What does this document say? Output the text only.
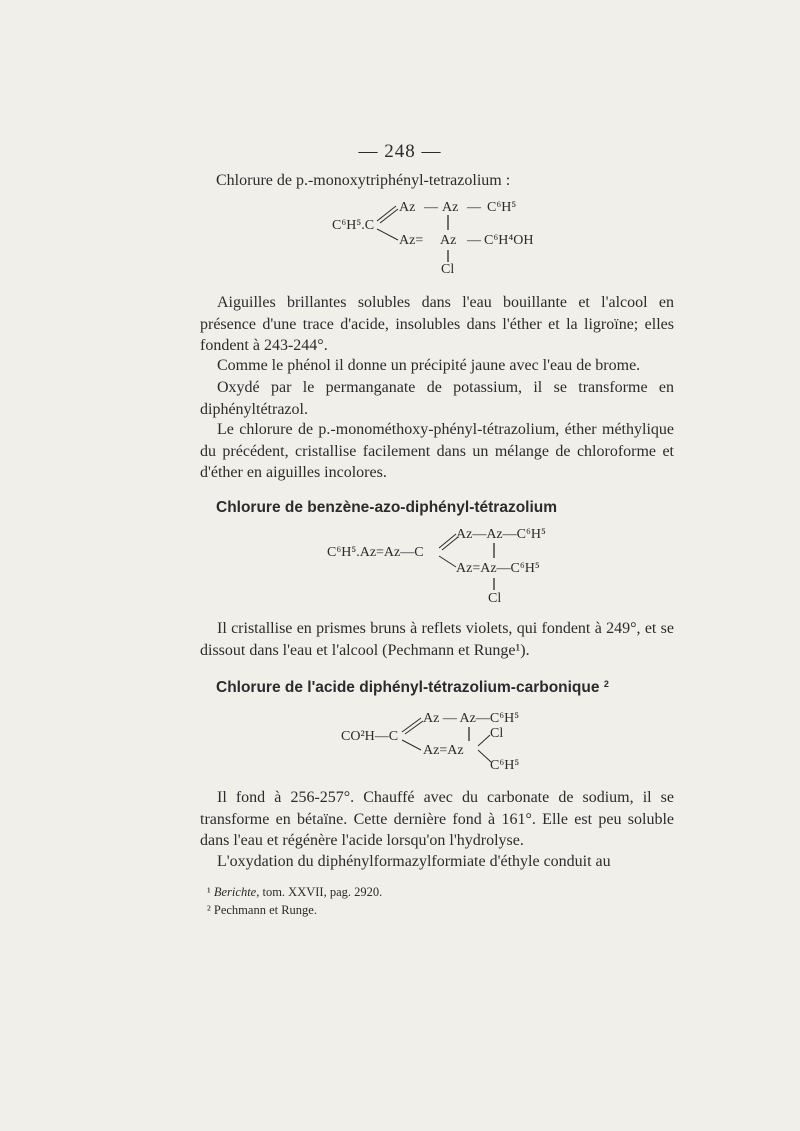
— 248 —
Chlorure de p.-monoxytriphényl-tetrazolium :
C⁶H⁵.C
Az — Az — C⁶H⁵
Az= Az — C⁶H⁴OH
Cl
Aiguilles brillantes solubles dans l'eau bouillante et l'alcool en présence d'une trace d'acide, insolubles dans l'éther et la ligroïne; elles fondent à 243-244°.
Comme le phénol il donne un précipité jaune avec l'eau de brome.
Oxydé par le permanganate de potassium, il se transforme en diphényltétrazol.
Le chlorure de p.-monométhoxy-phényl-tétrazolium, éther méthylique du précédent, cristallise facilement dans un mélange de chloroforme et d'éther en aiguilles incolores.
Chlorure de benzène-azo-diphényl-tétrazolium
C⁶H⁵.Az=Az—C
Az—Az—C⁶H⁵
Az=Az—C⁶H⁵
Cl
Il cristallise en prismes bruns à reflets violets, qui fondent à 249°, et se dissout dans l'eau et l'alcool (Pechmann et Runge¹).
Chlorure de l'acide diphényl-tétrazolium-carbonique $^2$
CO²H—C
Az — Az—C⁶H⁵
Cl
Az=Az
C⁶H⁵
Il fond à 256-257°. Chauffé avec du carbonate de sodium, il se transforme en bétaïne. Cette dernière fond à 161°. Elle est peu soluble dans l'eau et régénère l'acide lorsqu'on l'hydrolyse.
L'oxydation du diphénylformazylformiate d'éthyle conduit au
¹ Berichte, tom. XXVII, pag. 2920.
² Pechmann et Runge.
